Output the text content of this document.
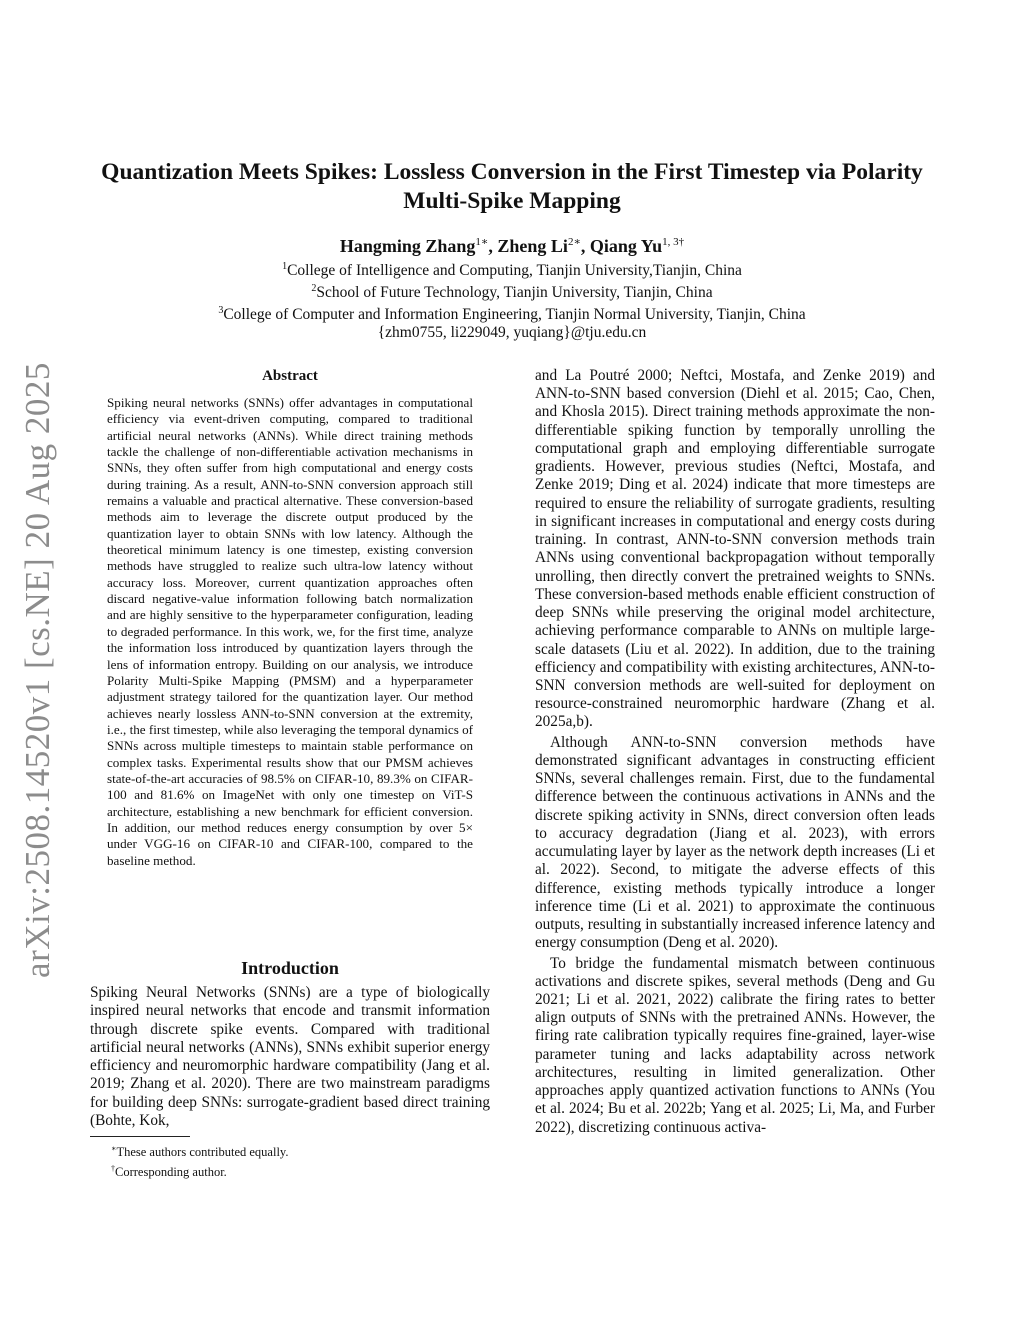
arXiv:2508.14520v1 [cs.NE] 20 Aug 2025
Quantization Meets Spikes: Lossless Conversion in the First Timestep via Polarity
Multi-Spike Mapping
Hangming Zhang$^{1∗}$, Zheng $Li^{2∗}$, Qiang $Yu^{1, 3\dagger}$
$^1$College of Intelligence and Computing, Tianjin University,Tianjin, China
$^2$School of Future Technology, Tianjin University, Tianjin, China
$^3$College of Computer and Information Engineering, Tianjin Normal University, Tianjin, China
{zhm0755, li229049, yuqiang}@tju.edu.cn
Abstract

Spiking neural networks (SNNs) offer advantages in computational efficiency via event-driven computing, compared to traditional artificial neural networks (ANNs). While direct training methods tackle the challenge of non-differentiable activation mechanisms in SNNs, they often suffer from high computational and energy costs during training. As a result, ANN-to-SNN conversion approach still remains a valuable and practical alternative. These conversion-based methods aim to leverage the discrete output produced by the quantization layer to obtain SNNs with low latency. Although the theoretical minimum latency is one timestep, existing conversion methods have struggled to realize such ultra-low latency without accuracy loss. Moreover, current quantization approaches often discard negative-value information following batch normalization and are highly sensitive to the hyperparameter configuration, leading to degraded performance. In this work, we, for the first time, analyze the information loss introduced by quantization layers through the lens of information entropy. Building on our analysis, we introduce Polarity Multi-Spike Mapping (PMSM) and a hyperparameter adjustment strategy tailored for the quantization layer. Our method achieves nearly lossless ANN-to-SNN conversion at the extremity, i.e., the first timestep, while also leveraging the temporal dynamics of SNNs across multiple timesteps to maintain stable performance on complex tasks. Experimental results show that our PMSM achieves state-of-the-art accuracies of 98.5% on CIFAR-10, 89.3% on CIFAR-100 and 81.6% on ImageNet with only one timestep on ViT-S architecture, establishing a new benchmark for efficient conversion. In addition, our method reduces energy consumption by over 5× under VGG-16 on CIFAR-10 and CIFAR-100, compared to the baseline method.

Introduction

Spiking Neural Networks (SNNs) are a type of biologically inspired neural networks that encode and transmit information through discrete spike events. Compared with traditional artificial neural networks (ANNs), SNNs exhibit superior energy efficiency and neuromorphic hardware compatibility (Jang et al. 2019; Zhang et al. 2020). There are two mainstream paradigms for building deep SNNs: surrogate-gradient based direct training (Bohte, Kok,

∗These authors contributed equally.
†Corresponding author.

and La Poutré 2000; Neftci, Mostafa, and Zenke 2019) and ANN-to-SNN based conversion (Diehl et al. 2015; Cao, Chen, and Khosla 2015). Direct training methods approximate the non-differentiable spiking function by temporally unrolling the computational graph and employing differentiable surrogate gradients. However, previous studies (Neftci, Mostafa, and Zenke 2019; Ding et al. 2024) indicate that more timesteps are required to ensure the reliability of surrogate gradients, resulting in significant increases in computational and energy costs during training. In contrast, ANN-to-SNN conversion methods train ANNs using conventional backpropagation without temporally unrolling, then directly convert the pretrained weights to SNNs. These conversion-based methods enable efficient construction of deep SNNs while preserving the original model architecture, achieving performance comparable to ANNs on multiple large-scale datasets (Liu et al. 2022). In addition, due to the training efficiency and compatibility with existing architectures, ANN-to-SNN conversion methods are well-suited for deployment on resource-constrained neuromorphic hardware (Zhang et al. 2025a,b).

Although ANN-to-SNN conversion methods have demonstrated significant advantages in constructing efficient SNNs, several challenges remain. First, due to the fundamental difference between the continuous activations in ANNs and the discrete spiking activity in SNNs, direct conversion often leads to accuracy degradation (Jiang et al. 2023), with errors accumulating layer by layer as the network depth increases (Li et al. 2022). Second, to mitigate the adverse effects of this difference, existing methods typically introduce a longer inference time (Li et al. 2021) to approximate the continuous outputs, resulting in substantially increased inference latency and energy consumption (Deng et al. 2020).

To bridge the fundamental mismatch between continuous activations and discrete spikes, several methods (Deng and Gu 2021; Li et al. 2021, 2022) calibrate the firing rates to better align outputs of SNNs with the pretrained ANNs. However, the firing rate calibration typically requires fine-grained, layer-wise parameter tuning and lacks adaptability across network architectures, resulting in limited generalization. Other approaches apply quantized activation functions to ANNs (You et al. 2024; Bu et al. 2022b; Yang et al. 2025; Li, Ma, and Furber 2022), discretizing continuous activa-
